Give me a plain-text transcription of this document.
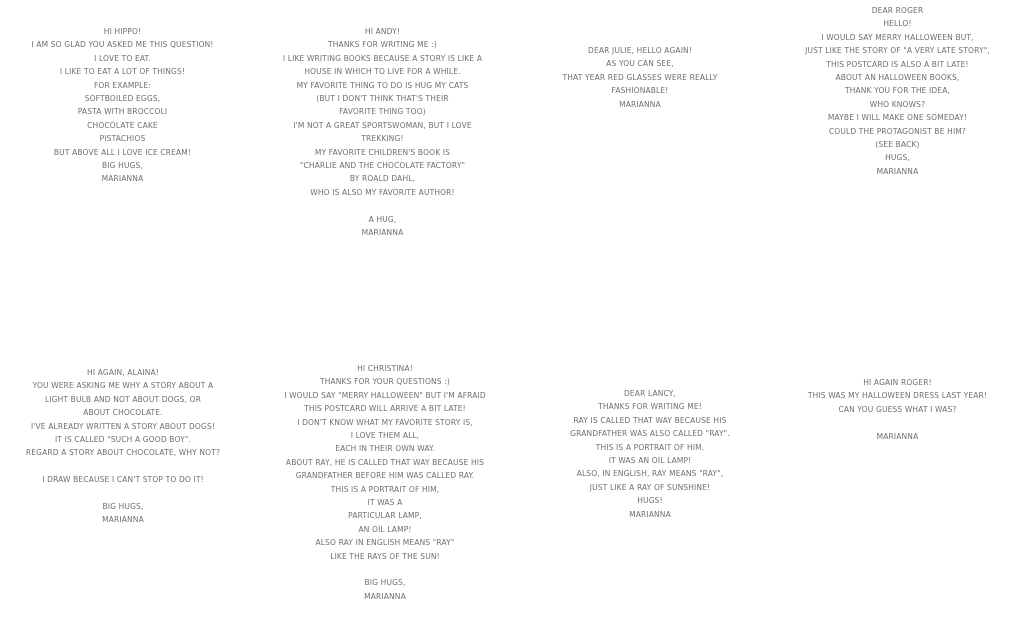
HI HIPPO!
I AM SO GLAD YOU ASKED ME THIS QUESTION!
I LOVE TO EAT.
I LIKE TO EAT A LOT OF THINGS!
FOR EXAMPLE:
SOFTBOILED EGGS,
PASTA WITH BROCCOLI
CHOCOLATE CAKE
PISTACHIOS
BUT ABOVE ALL I LOVE ICE CREAM!
BIG HUGS,
MARIANNA
HI ANDY!
THANKS FOR WRITING ME :)
I LIKE WRITING BOOKS BECAUSE A STORY IS LIKE A
HOUSE IN WHICH TO LIVE FOR A WHILE.
MY FAVORITE THING TO DO IS HUG MY CATS
(BUT I DON'T THINK THAT'S THEIR
FAVORITE THING TOO)
I'M NOT A GREAT SPORTSWOMAN, BUT I LOVE
TREKKING!
MY FAVORITE CHILDREN'S BOOK IS
"CHARLIE AND THE CHOCOLATE FACTORY"
BY ROALD DAHL,
WHO IS ALSO MY FAVORITE AUTHOR!
A HUG,
MARIANNA
DEAR JULIE, HELLO AGAIN!
AS YOU CAN SEE,
THAT YEAR RED GLASSES WERE REALLY
FASHIONABLE!
MARIANNA
DEAR ROGER
HELLO!
I WOULD SAY MERRY HALLOWEEN BUT,
JUST LIKE THE STORY OF "A VERY LATE STORY",
THIS POSTCARD IS ALSO A BIT LATE!
ABOUT AN HALLOWEEN BOOKS,
THANK YOU FOR THE IDEA,
WHO KNOWS?
MAYBE I WILL MAKE ONE SOMEDAY!
COULD THE PROTAGONIST BE HIM?
(SEE BACK)
HUGS,
MARIANNA
HI AGAIN, ALAINA!
YOU WERE ASKING ME WHY A STORY ABOUT A
LIGHT BULB AND NOT ABOUT DOGS, OR
ABOUT CHOCOLATE.
I'VE ALREADY WRITTEN A STORY ABOUT DOGS!
IT IS CALLED "SUCH A GOOD BOY".
REGARD A STORY ABOUT CHOCOLATE, WHY NOT?
I DRAW BECAUSE I CAN'T STOP TO DO IT!
BIG HUGS,
MARIANNA
HI CHRISTINA!
THANKS FOR YOUR QUESTIONS :)
I WOULD SAY "MERRY HALLOWEEN" BUT I'M AFRAID
THIS POSTCARD WILL ARRIVE A BIT LATE!
I DON'T KNOW WHAT MY FAVORITE STORY IS,
I LOVE THEM ALL,
EACH IN THEIR OWN WAY.
ABOUT RAY, HE IS CALLED THAT WAY BECAUSE HIS
GRANDFATHER BEFORE HIM WAS CALLED RAY.
THIS IS A PORTRAIT OF HIM,
IT WAS A
PARTICULAR LAMP,
AN OIL LAMP!
ALSO RAY IN ENGLISH MEANS "RAY"
LIKE THE RAYS OF THE SUN!
BIG HUGS,
MARIANNA
DEAR LANCY,
THANKS FOR WRITING ME!
RAY IS CALLED THAT WAY BECAUSE HIS
GRANDFATHER WAS ALSO CALLED "RAY".
THIS IS A PORTRAIT OF HIM.
IT WAS AN OIL LAMP!
ALSO, IN ENGLISH, RAY MEANS "RAY",
JUST LIKE A RAY OF SUNSHINE!
HUGS!
MARIANNA
HI AGAIN ROGER!
THIS WAS MY HALLOWEEN DRESS LAST YEAR!
CAN YOU GUESS WHAT I WAS?
MARIANNA
